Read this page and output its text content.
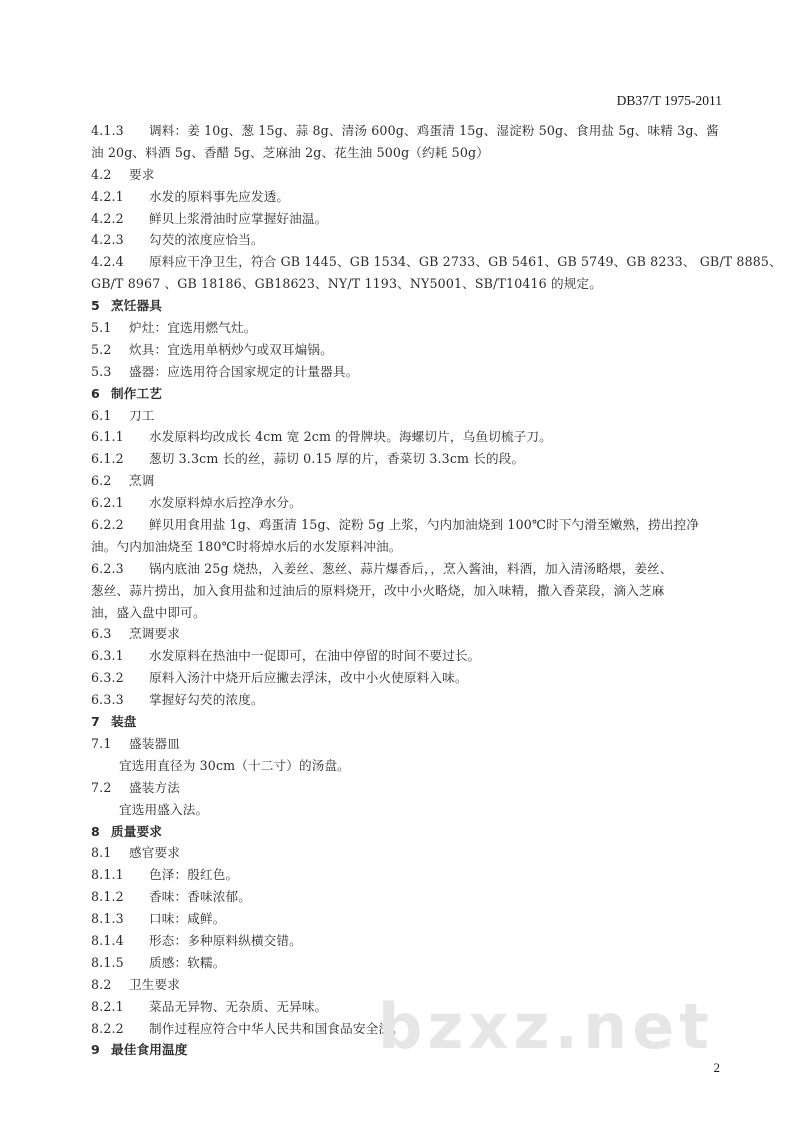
DB37/T 1975-2011
4.1.3 调料：姜 10g、葱 15g、蒜 8g、清汤 600g、鸡蛋清 15g、湿淀粉 50g、食用盐 5g、味精 3g、酱
油 20g、料酒 5g、香醋 5g、芝麻油 2g、花生油 500g（约耗 50g）
4.2 要求
4.2.1 水发的原料事先应发透。
4.2.2 鲜贝上浆滑油时应掌握好油温。
4.2.3 勾芡的浓度应恰当。
4.2.4 原料应干净卫生，符合 GB 1445、GB 1534、GB 2733、GB 5461、GB 5749、GB 8233、 GB/T 8885、
GB/T 8967 、GB 18186、GB18623、NY/T 1193、NY5001、SB/T10416 的规定。
5 烹饪器具
5.1 炉灶：宜选用燃气灶。
5.2 炊具：宜选用单柄炒勺或双耳煸锅。
5.3 盛器：应选用符合国家规定的计量器具。
6 制作工艺
6.1 刀工
6.1.1 水发原料均改成长 4cm 宽 2cm 的骨牌块。海螺切片，乌鱼切梳子刀。
6.1.2 葱切 3.3cm 长的丝，蒜切 0.15 厚的片，香菜切 3.3cm 长的段。
6.2 烹调
6.2.1 水发原料焯水后控净水分。
6.2.2 鲜贝用食用盐 1g、鸡蛋清 15g、淀粉 5g 上浆，勺内加油烧到 100℃时下勺滑至嫩熟，捞出控净
油。勺内加油烧至 180℃时将焯水后的水发原料冲油。
6.2.3 锅内底油 25g 烧热，入姜丝、葱丝、蒜片爆香后，，烹入酱油，料酒，加入清汤略煨，姜丝、
葱丝、蒜片捞出，加入食用盐和过油后的原料烧开，改中小火略烧，加入味精，撒入香菜段，滴入芝麻
油，盛入盘中即可。
6.3 烹调要求
6.3.1 水发原料在热油中一促即可，在油中停留的时间不要过长。
6.3.2 原料入汤汁中烧开后应撇去浮沫，改中小火使原料入味。
6.3.3 掌握好勾芡的浓度。
7 装盘
7.1 盛装器皿
宜选用直径为 30cm（十二寸）的汤盘。
7.2 盛装方法
宜选用盛入法。
8 质量要求
8.1 感官要求
8.1.1 色泽：殷红色。
8.1.2 香味：香味浓郁。
8.1.3 口味：咸鲜。
8.1.4 形态：多种原料纵横交错。
8.1.5 质感：软糯。
8.2 卫生要求
8.2.1 菜品无异物、无杂质、无异味。
8.2.2 制作过程应符合中华人民共和国食品安全法。
9 最佳食用温度
2
bzxz.net
